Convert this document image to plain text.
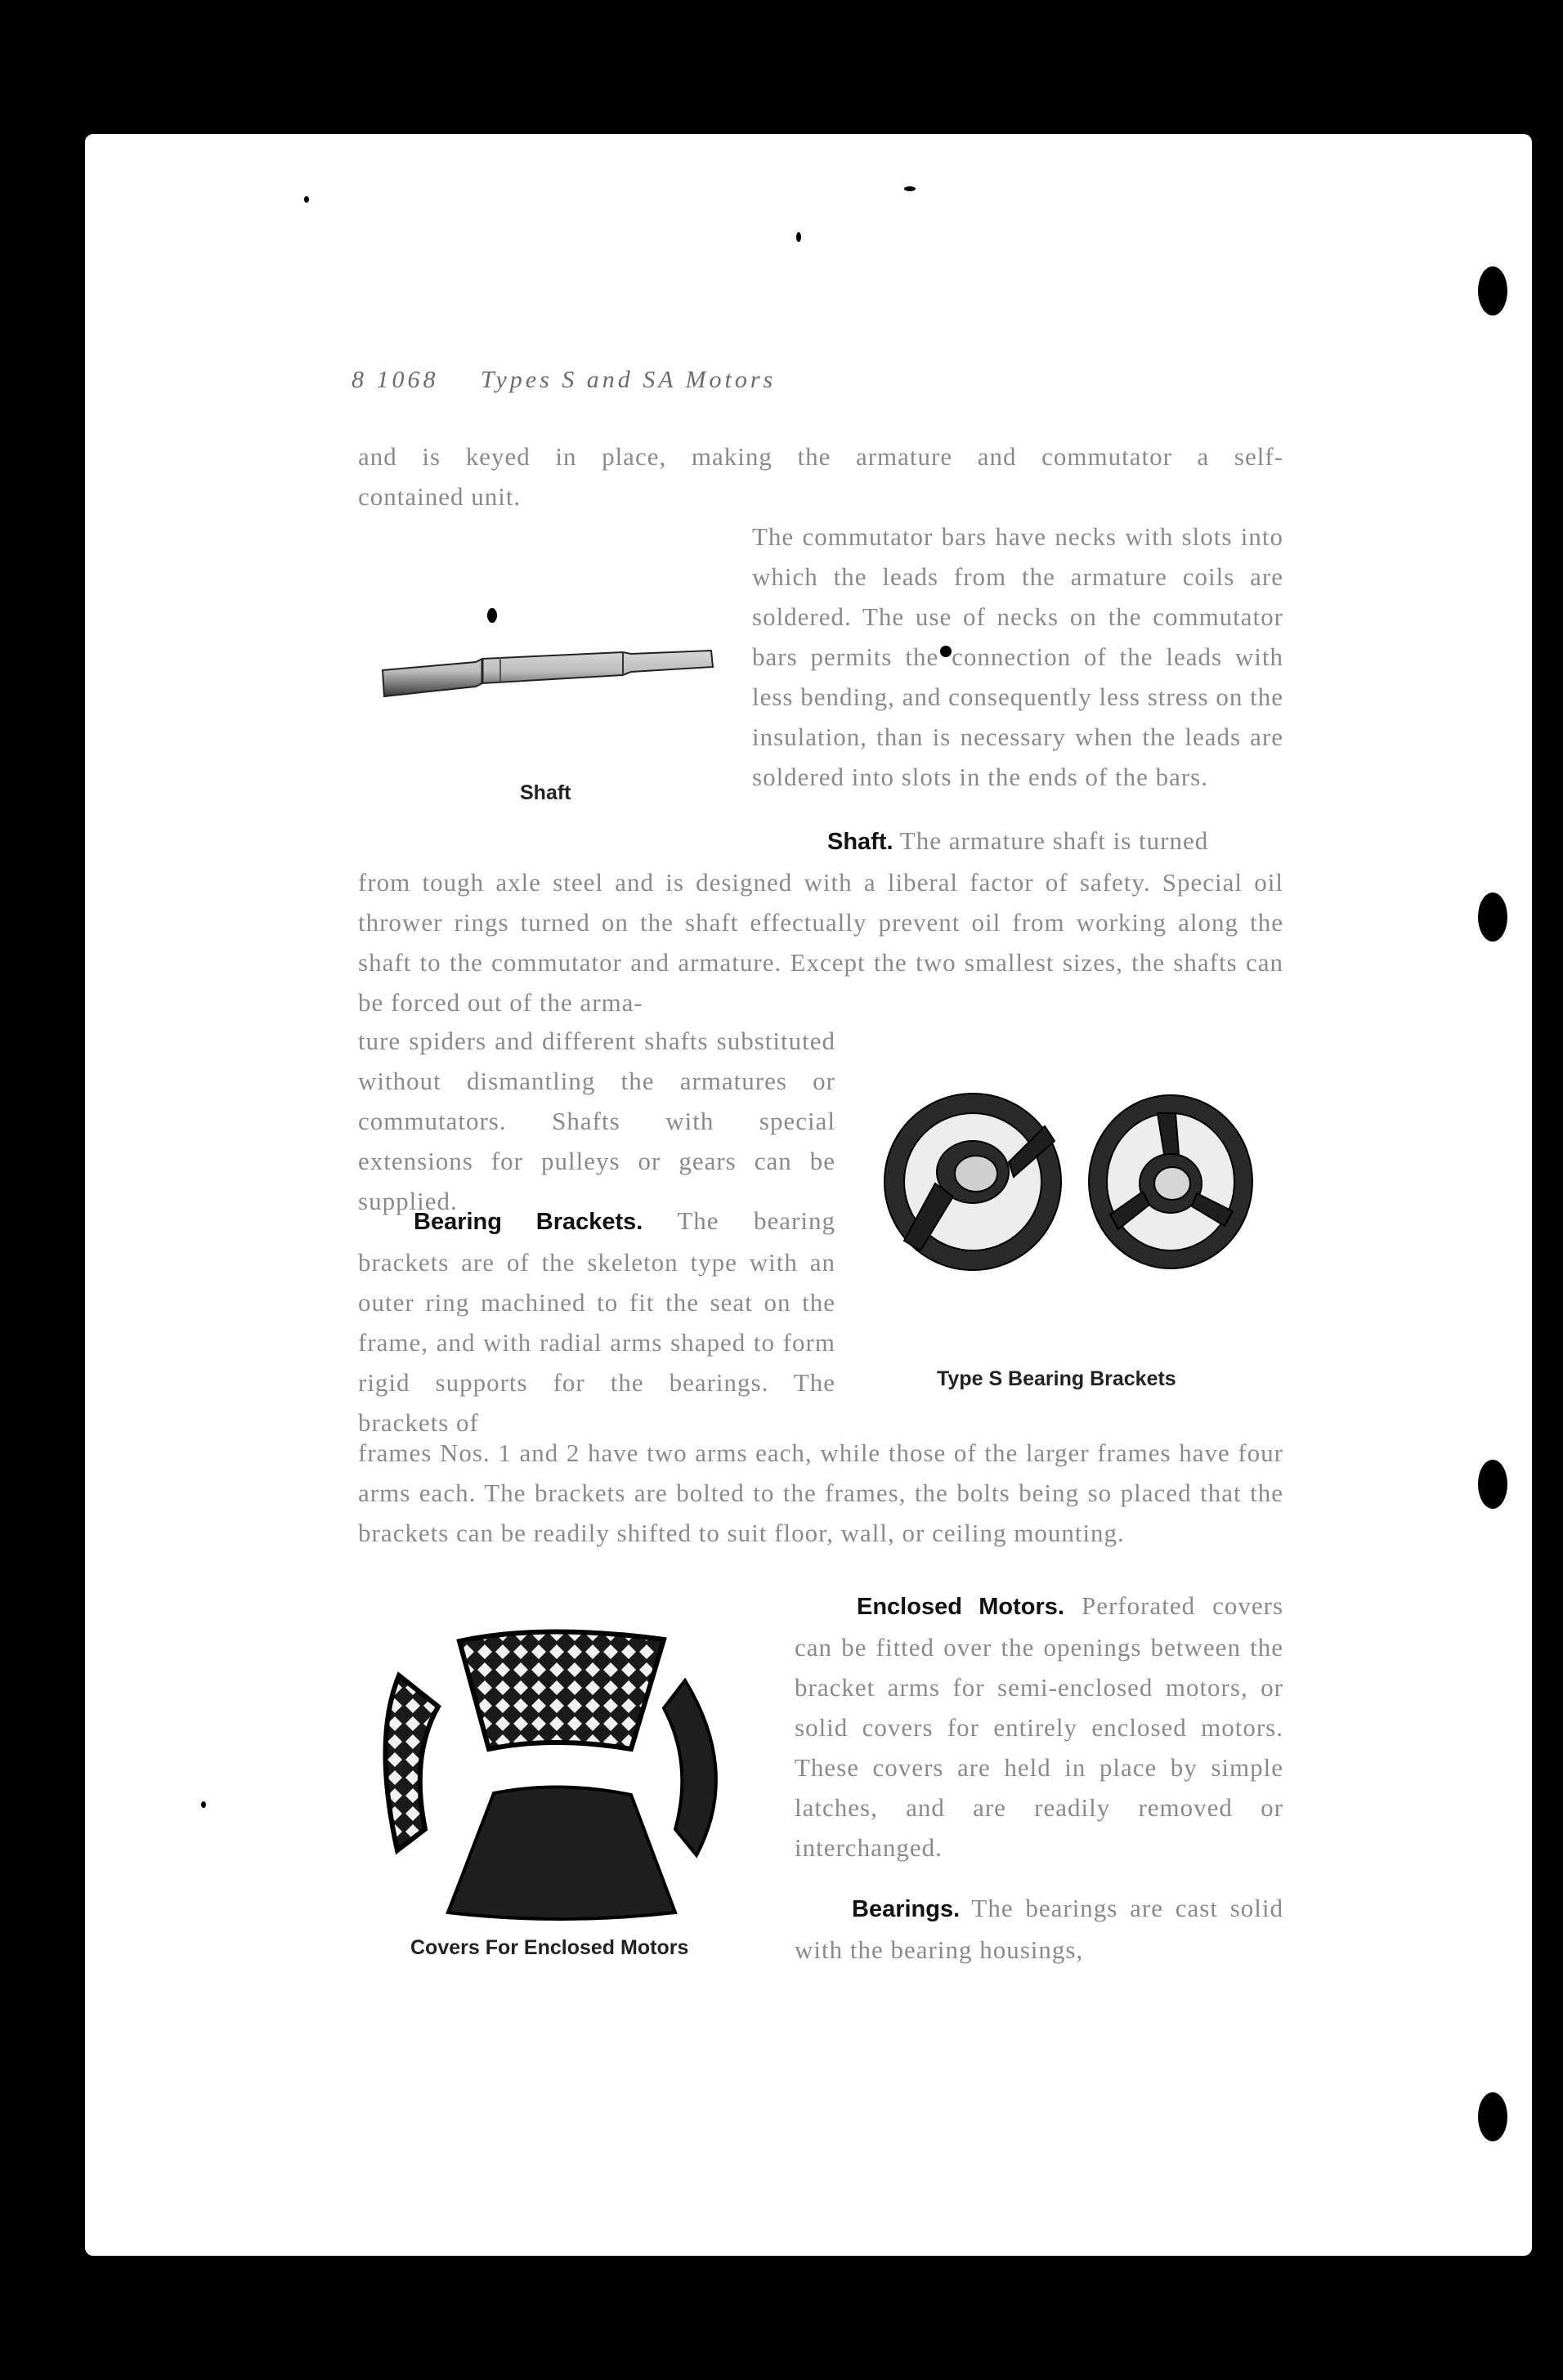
8 1068 Types S and SA Motors

and is keyed in place, making the armature and commutator a self-

contained unit.

The commutator bars have necks with slots into which the leads from the armature coils are soldered. The use of necks on the commutator bars permits the connection of the leads with less bending, and consequently less stress on the insulation, than is necessary when the leads are soldered into slots in the ends of the bars.

Shaft

Shaft. The armature shaft is turned

from tough axle steel and is designed with a liberal factor of safety. Special oil thrower rings turned on the shaft effectually prevent oil from working along the shaft to the commutator and armature. Except the two smallest sizes, the shafts can be forced out of the arma-

ture spiders and different shafts substituted without dismantling the armatures or commutators. Shafts with special extensions for pulleys or gears can be supplied.

Type S Bearing Brackets

Bearing Brackets. The bearing brackets are of the skeleton type with an outer ring machined to fit the seat on the frame, and with radial arms shaped to form rigid supports for the bearings. The brackets of

frames Nos. 1 and 2 have two arms each, while those of the larger frames have four arms each. The brackets are bolted to the frames, the bolts being so placed that the brackets can be readily shifted to suit floor, wall, or ceiling mounting.

Covers For Enclosed Motors

Enclosed Motors. Perforated covers can be fitted over the openings between the bracket arms for semi-enclosed motors, or solid covers for entirely enclosed motors. These covers are held in place by simple latches, and are readily removed or interchanged.

Bearings. The bearings are cast solid with the bearing housings,
